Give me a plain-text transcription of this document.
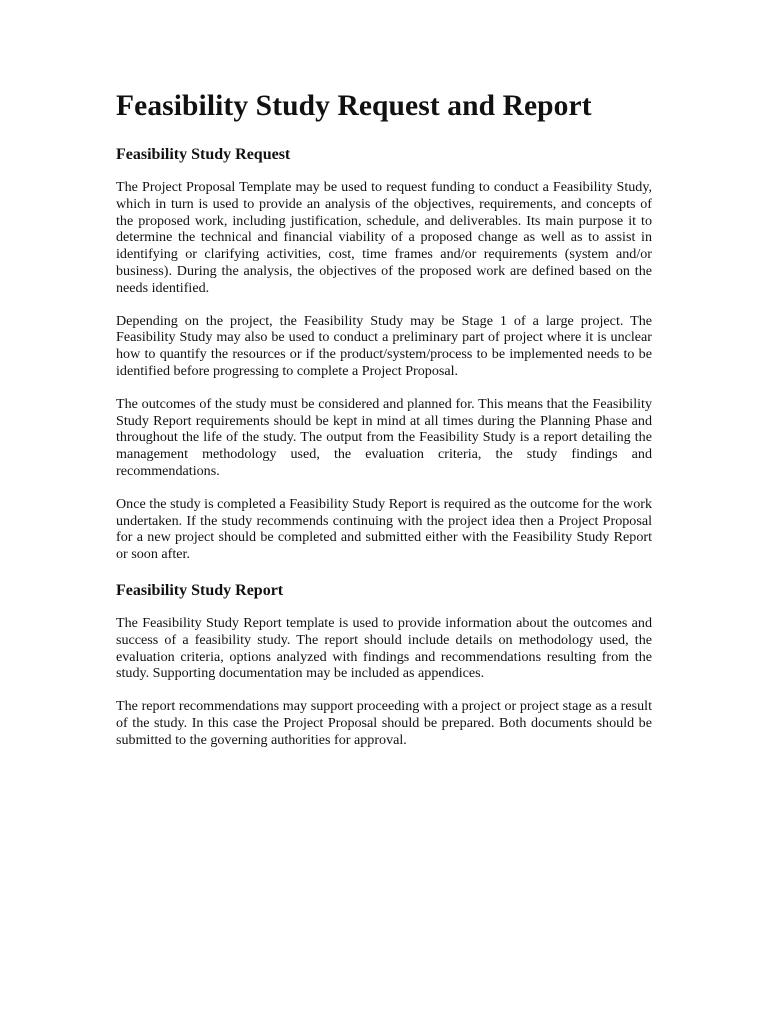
Feasibility Study Request and Report
Feasibility Study Request

The Project Proposal Template may be used to request funding to conduct a Feasibility Study, which in turn is used to provide an analysis of the objectives, requirements, and concepts of the proposed work, including justification, schedule, and deliverables. Its main purpose it to determine the technical and financial viability of a proposed change as well as to assist in identifying or clarifying activities, cost, time frames and/or requirements (system and/or business). During the analysis, the objectives of the proposed work are defined based on the needs identified.

Depending on the project, the Feasibility Study may be Stage 1 of a large project. The Feasibility Study may also be used to conduct a preliminary part of project where it is unclear how to quantify the resources or if the product/system/process to be implemented needs to be identified before progressing to complete a Project Proposal.

The outcomes of the study must be considered and planned for. This means that the Feasibility Study Report requirements should be kept in mind at all times during the Planning Phase and throughout the life of the study. The output from the Feasibility Study is a report detailing the management methodology used, the evaluation criteria, the study findings and recommendations.

Once the study is completed a Feasibility Study Report is required as the outcome for the work undertaken. If the study recommends continuing with the project idea then a Project Proposal for a new project should be completed and submitted either with the Feasibility Study Report or soon after.

Feasibility Study Report

The Feasibility Study Report template is used to provide information about the outcomes and success of a feasibility study. The report should include details on methodology used, the evaluation criteria, options analyzed with findings and recommendations resulting from the study. Supporting documentation may be included as appendices.

The report recommendations may support proceeding with a project or project stage as a result of the study. In this case the Project Proposal should be prepared. Both documents should be submitted to the governing authorities for approval.
